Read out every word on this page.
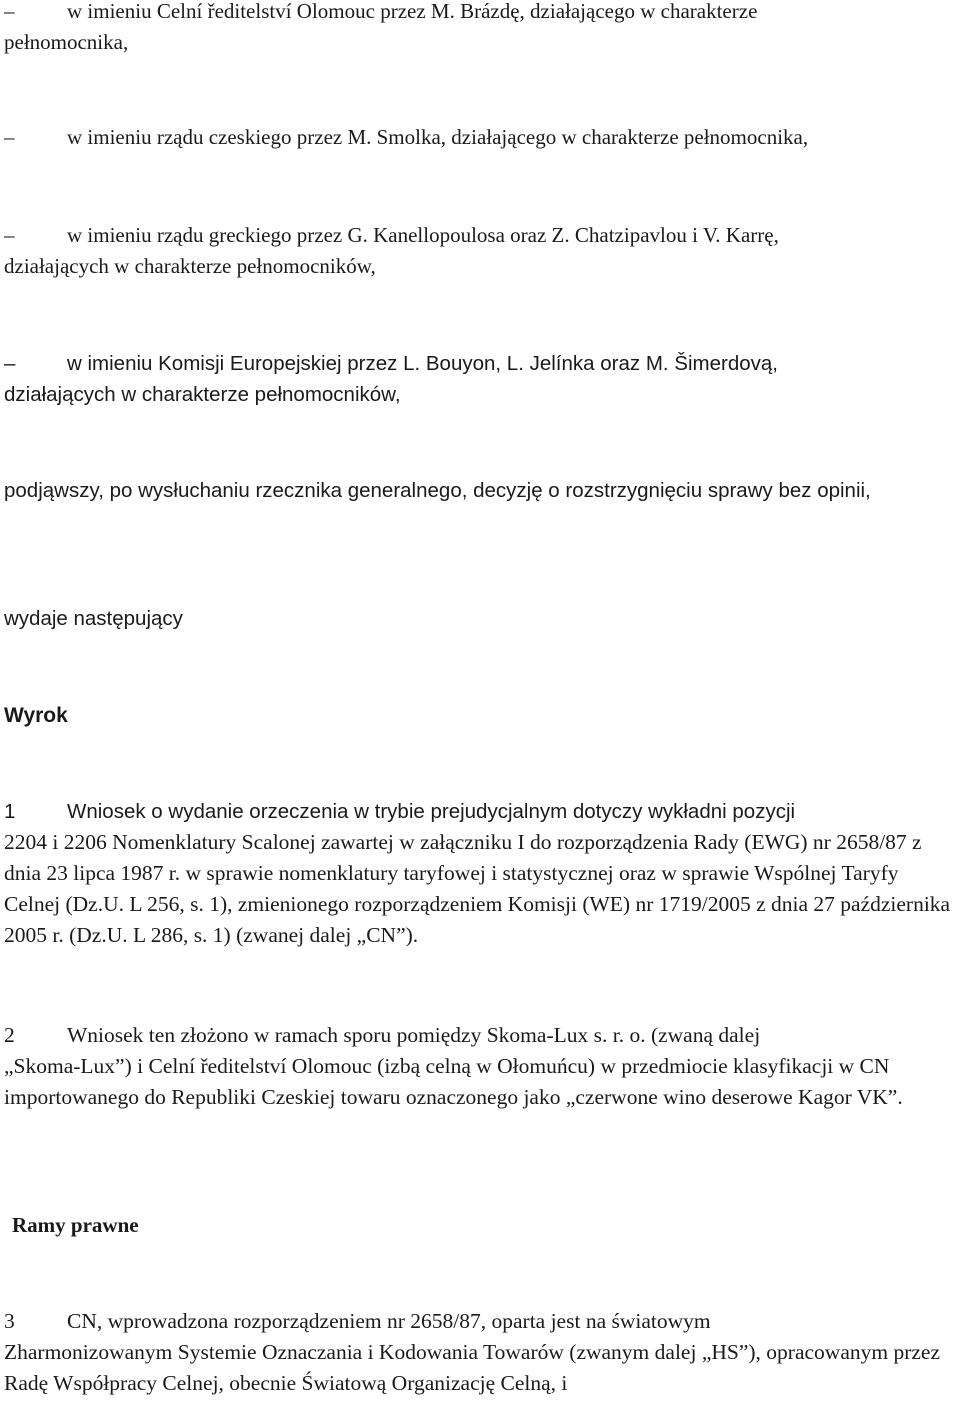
–	w imieniu Celní ředitelství Olomouc przez M. Brázdę, działającego w charakterze
pełnomocnika,
–	w imieniu rządu czeskiego przez M. Smolka, działającego w charakterze pełnomocnika,
–	w imieniu rządu greckiego przez G. Kanellopoulosa oraz Z. Chatzipavlou i V. Karrę,
działających w charakterze pełnomocników,
–	w imieniu Komisji Europejskiej przez L. Bouyon, L. Jelínka oraz M. Šimerdovą,
działających w charakterze pełnomocników,

podjąwszy, po wysłuchaniu rzecznika generalnego, decyzję o rozstrzygnięciu sprawy bez opinii,

wydaje następujący

Wyrok

1	Wniosek o wydanie orzeczenia w trybie prejudycjalnym dotyczy wykładni pozycji
2204 i 2206 Nomenklatury Scalonej zawartej w załączniku I do rozporządzenia Rady (EWG) nr 2658/87 z dnia 23 lipca 1987 r. w sprawie nomenklatury taryfowej i statystycznej oraz w sprawie Wspólnej Taryfy Celnej (Dz.U. L 256, s. 1), zmienionego rozporządzeniem Komisji (WE) nr 1719/2005 z dnia 27 października 2005 r. (Dz.U. L 286, s. 1) (zwanej dalej „CN”).
2 Wniosek ten złożono w ramach sporu pomiędzy Skoma-Lux s. r. o. (zwaną dalej
„Skoma-Lux”) i Celní ředitelství Olomouc (izbą celną w Ołomuńcu) w przedmiocie klasyfikacji w CN importowanego do Republiki Czeskiej towaru oznaczonego jako „czerwone wino deserowe Kagor VK”.

Ramy prawne

3 CN, wprowadzona rozporządzeniem nr 2658/87, oparta jest na światowym
Zharmonizowanym Systemie Oznaczania i Kodowania Towarów (zwanym dalej „HS”), opracowanym przez Radę Współpracy Celnej, obecnie Światową Organizację Celną, i
